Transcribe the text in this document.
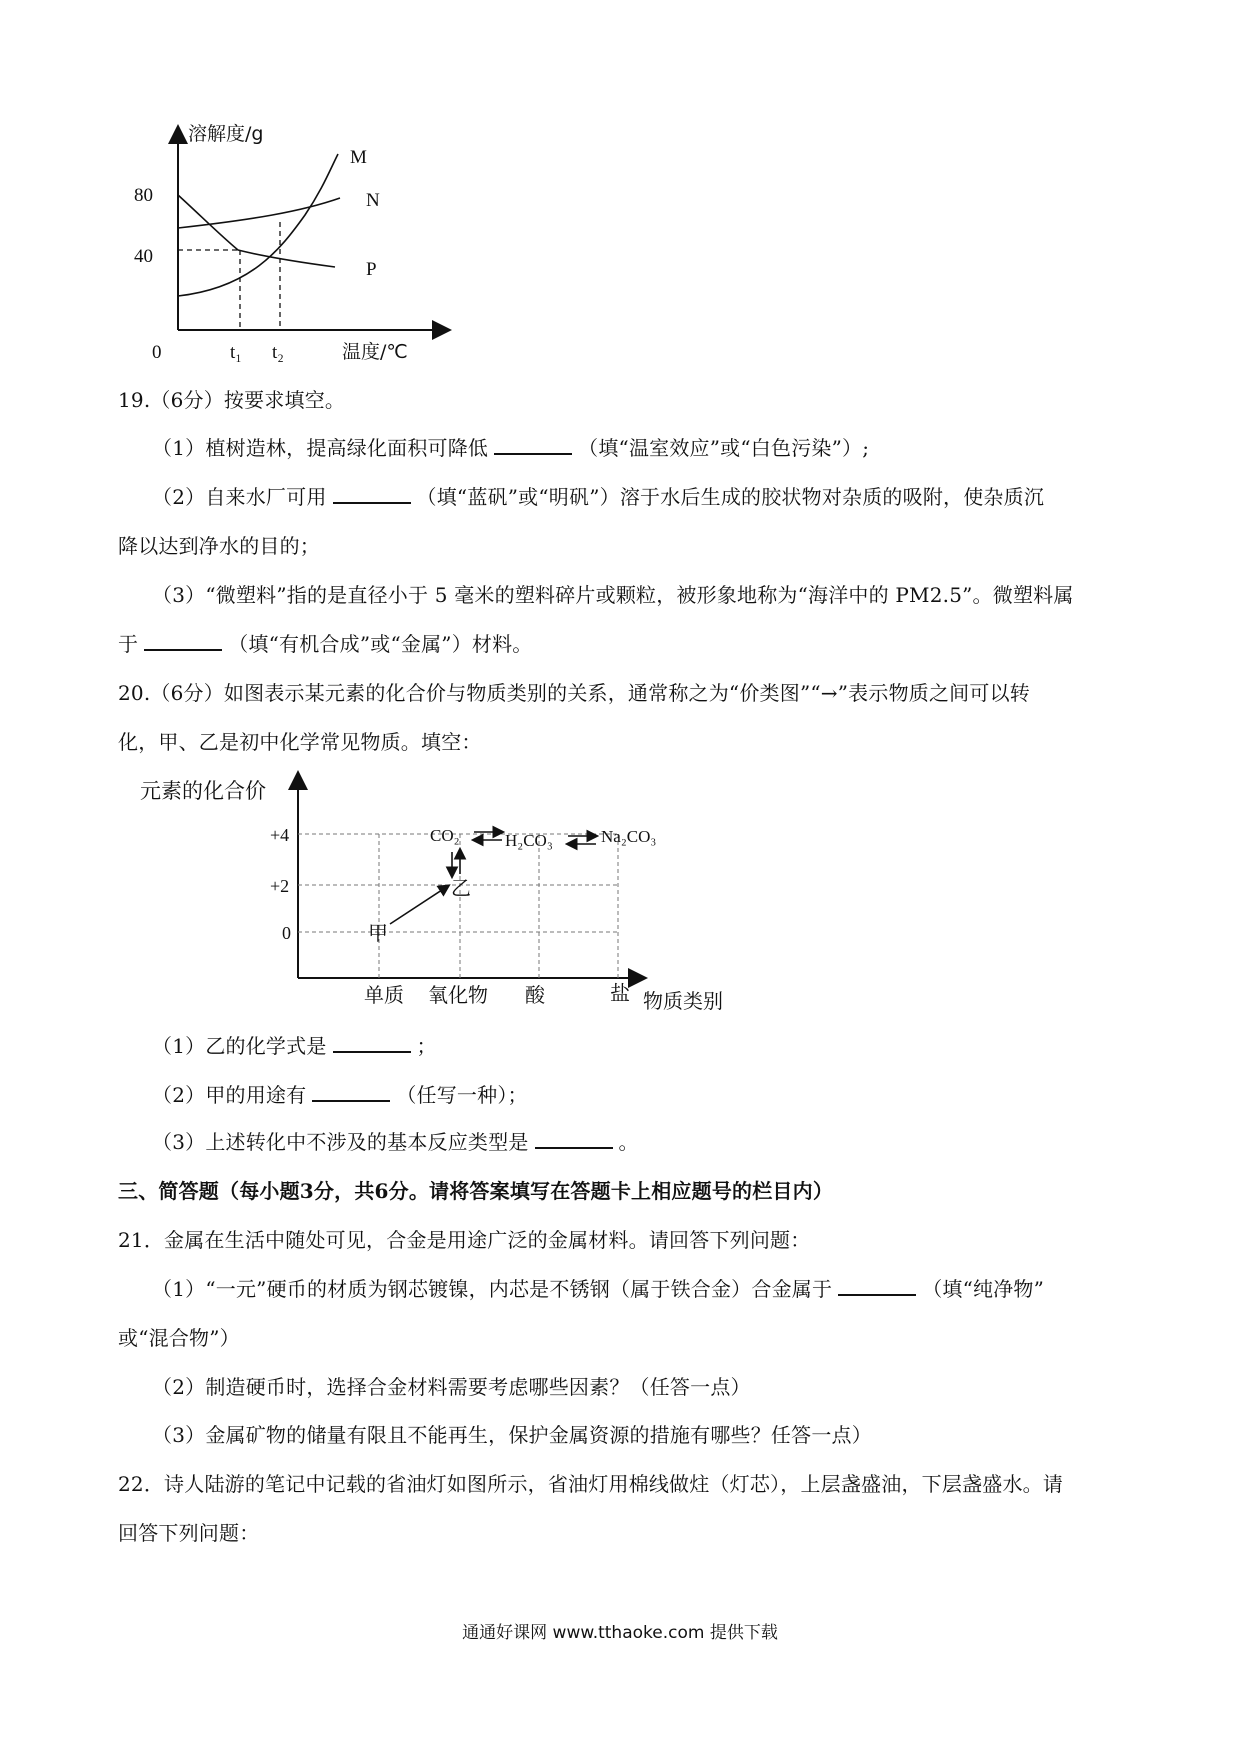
溶解度/g
80
40
0	t₁ t₂	温度/℃
M
N
P
19.（6分）按要求填空。
（1）植树造林，提高绿化面积可降低	（填“温室效应”或“白色污染”）;
（2）自来水厂可用	（填“蓝矾”或“明矾”）溶于水后生成的胶状物对杂质的吸附，使杂质沉
降以达到净水的目的；
（3）“微塑料”指的是直径小于 5 毫米的塑料碎片或颗粒，被形象地称为“海洋中的 PM2.5”。微塑料属
于	（填“有机合成”或“金属”）材料。
20.（6分）如图表示某元素的化合价与物质类别的关系，通常称之为“价类图”“→”表示物质之间可以转
化，甲、乙是初中化学常见物质。填空：
元素的化合价
+4
+2
0
单质 氧化物 酸	盐 物质类别
CO₂	H₂CO₃	Na₂CO₃
乙
甲
（1）乙的化学式是	；
（2）甲的用途有	（任写一种）；
（3）上述转化中不涉及的基本反应类型是	。
三、简答题（每小题3分，共6分。请将答案填写在答题卡上相应题号的栏目内）
21．金属在生活中随处可见，合金是用途广泛的金属材料。请回答下列问题：
（1）“一元”硬币的材质为钢芯镀镍，内芯是不锈钢（属于铁合金）合金属于	（填“纯净物”
或“混合物”）
（2）制造硬币时，选择合金材料需要考虑哪些因素？（任答一点）
（3）金属矿物的储量有限且不能再生，保护金属资源的措施有哪些？任答一点）
22．诗人陆游的笔记中记载的省油灯如图所示，省油灯用棉线做炷（灯芯），上层盏盛油，下层盏盛水。请
回答下列问题：
通通好课网 www.tthaoke.com 提供下载
